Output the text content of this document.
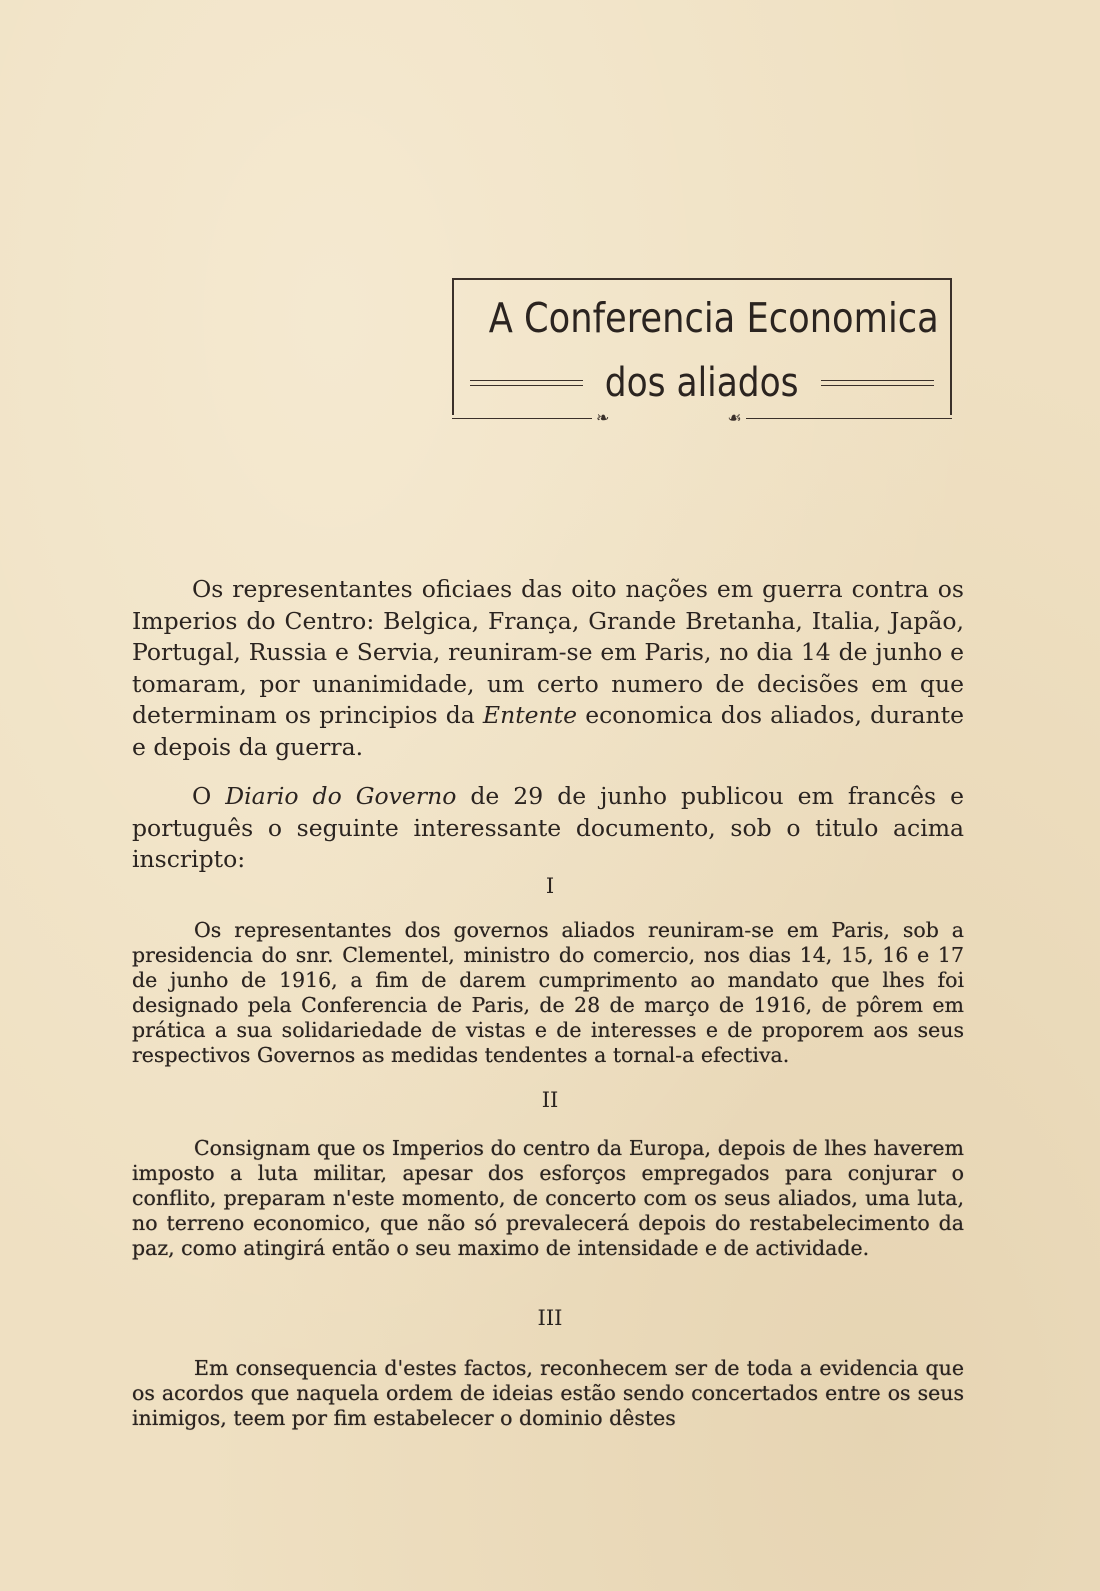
A Conferencia Economica
dos aliados
❧	☙

Os representantes oficiaes das oito nações em guerra contra os Imperios do Centro: Belgica, França, Grande Bretanha, Italia, Japão, Portugal, Russia e Servia, reuniram-se em Paris, no dia 14 de junho e tomaram, por unanimidade, um certo numero de decisões em que determinam os principios da Entente economica dos aliados, durante e depois da guerra.

O Diario do Governo de 29 de junho publicou em francês e português o seguinte interessante documento, sob o titulo acima inscripto:

I

Os representantes dos governos aliados reuniram-se em Paris, sob a presidencia do snr. Clementel, ministro do comercio, nos dias 14, 15, 16 e 17 de junho de 1916, a fim de darem cumprimento ao mandato que lhes foi designado pela Conferencia de Paris, de 28 de março de 1916, de pôrem em prática a sua solidariedade de vistas e de interesses e de proporem aos seus respectivos Governos as medidas tendentes a tornal-a efectiva.

II

Consignam que os Imperios do centro da Europa, depois de lhes haverem imposto a luta militar, apesar dos esforços empregados para conjurar o conflito, preparam n'este momento, de concerto com os seus aliados, uma luta, no terreno economico, que não só prevalecerá depois do restabelecimento da paz, como atingirá então o seu maximo de intensidade e de actividade.

III

Em consequencia d'estes factos, reconhecem ser de toda a evidencia que os acordos que naquela ordem de ideias estão sendo concertados entre os seus inimigos, teem por fim estabelecer o dominio dêstes
